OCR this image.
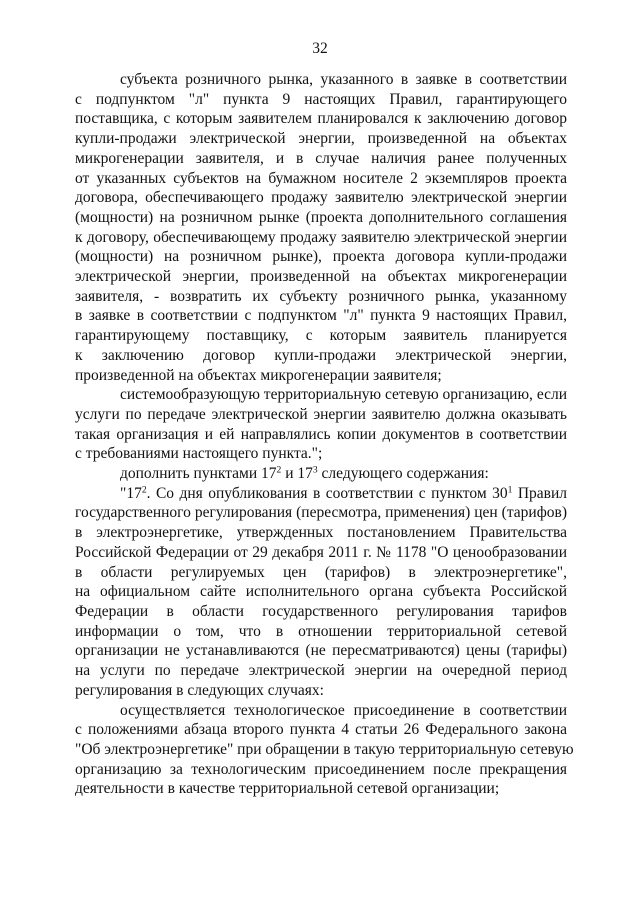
32
субъекта розничного рынка, указанного в заявке в соответствии
с подпунктом "л" пункта 9 настоящих Правил, гарантирующего
поставщика, с которым заявителем планировался к заключению договор
купли-продажи электрической энергии, произведенной на объектах
микрогенерации заявителя, и в случае наличия ранее полученных
от указанных субъектов на бумажном носителе 2 экземпляров проекта
договора, обеспечивающего продажу заявителю электрической энергии
(мощности) на розничном рынке (проекта дополнительного соглашения
к договору, обеспечивающему продажу заявителю электрической энергии
(мощности) на розничном рынке), проекта договора купли-продажи
электрической энергии, произведенной на объектах микрогенерации
заявителя, - возвратить их субъекту розничного рынка, указанному
в заявке в соответствии с подпунктом "л" пункта 9 настоящих Правил,
гарантирующему поставщику, с которым заявитель планируется
к заключению договор купли-продажи электрической энергии,
произведенной на объектах микрогенерации заявителя;
системообразующую территориальную сетевую организацию, если
услуги по передаче электрической энергии заявителю должна оказывать
такая организация и ей направлялись копии документов в соответствии
с требованиями настоящего пункта.";
дополнить пунктами $17^2$ и $17^3$ следующего содержания:
"$17^2$. Со дня опубликования в соответствии с пунктом $30^1$ Правил
государственного регулирования (пересмотра, применения) цен (тарифов)
в электроэнергетике, утвержденных постановлением Правительства
Российской Федерации от 29 декабря 2011 г. № 1178 "О ценообразовании
в области регулируемых цен (тарифов) в электроэнергетике",
на официальном сайте исполнительного органа субъекта Российской
Федерации в области государственного регулирования тарифов
информации о том, что в отношении территориальной сетевой
организации не устанавливаются (не пересматриваются) цены (тарифы)
на услуги по передаче электрической энергии на очередной период
регулирования в следующих случаях:
осуществляется технологическое присоединение в соответствии
с положениями абзаца второго пункта 4 статьи 26 Федерального закона
"Об электроэнергетике" при обращении в такую территориальную сетевую
организацию за технологическим присоединением после прекращения
деятельности в качестве территориальной сетевой организации;
